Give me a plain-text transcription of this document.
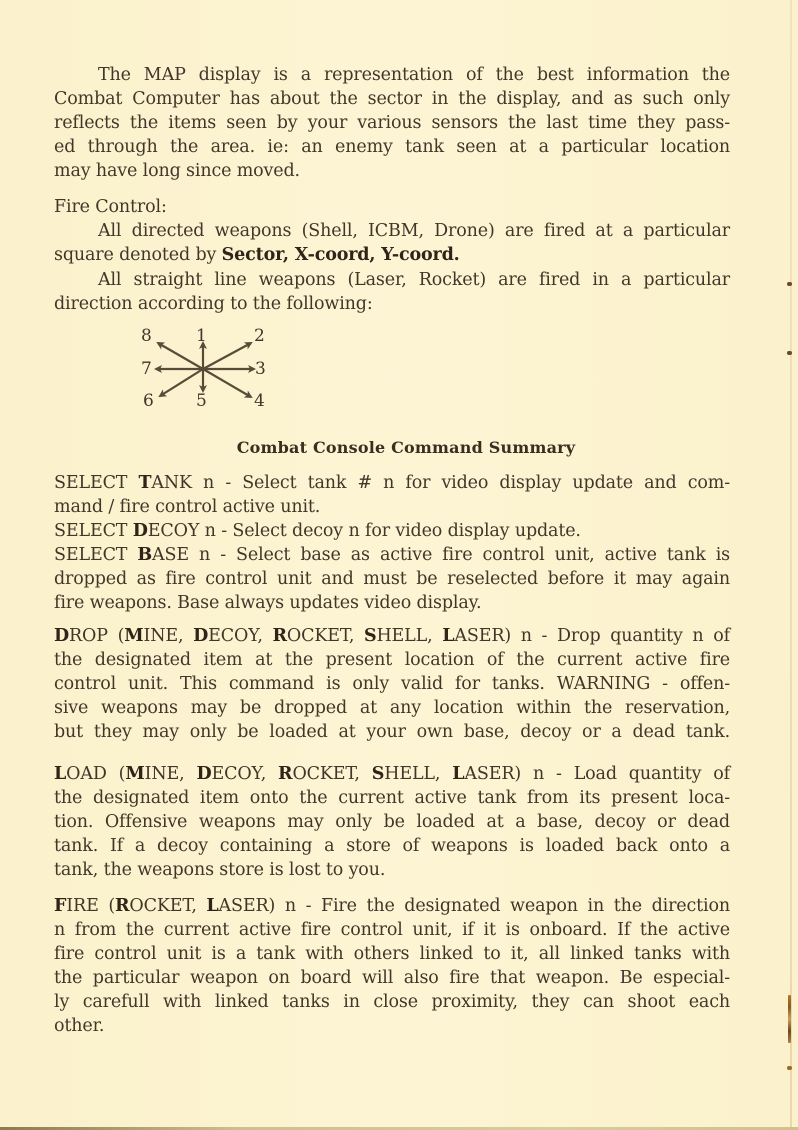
The MAP display is a representation of the best information the
Combat Computer has about the sector in the display, and as such only
reflects the items seen by your various sensors the last time they pass-
ed through the area. ie: an enemy tank seen at a particular location
may have long since moved.
Fire Control:
All directed weapons (Shell, ICBM, Drone) are fired at a particular
square denoted by Sector, X-coord, Y-coord.
All straight line weapons (Laser, Rocket) are fired in a particular
direction according to the following:
1	2
3
4
5
6
7
8
Combat Console Command Summary
SELECT TANK n - Select tank # n for video display update and com-
mand / fire control active unit.
SELECT DECOY n - Select decoy n for video display update.
SELECT BASE n - Select base as active fire control unit, active tank is
dropped as fire control unit and must be reselected before it may again
fire weapons. Base always updates video display.
DROP (MINE, DECOY, ROCKET, SHELL, LASER) n - Drop quantity n of
the designated item at the present location of the current active fire
control unit. This command is only valid for tanks. WARNING - offen-
sive weapons may be dropped at any location within the reservation,
but they may only be loaded at your own base, decoy or a dead tank.
LOAD (MINE, DECOY, ROCKET, SHELL, LASER) n - Load quantity of
the designated item onto the current active tank from its present loca-
tion. Offensive weapons may only be loaded at a base, decoy or dead
tank. If a decoy containing a store of weapons is loaded back onto a
tank, the weapons store is lost to you.
FIRE (ROCKET, LASER) n - Fire the designated weapon in the direction
n from the current active fire control unit, if it is onboard. If the active
fire control unit is a tank with others linked to it, all linked tanks with
the particular weapon on board will also fire that weapon. Be especial-
ly carefull with linked tanks in close proximity, they can shoot each
other.
